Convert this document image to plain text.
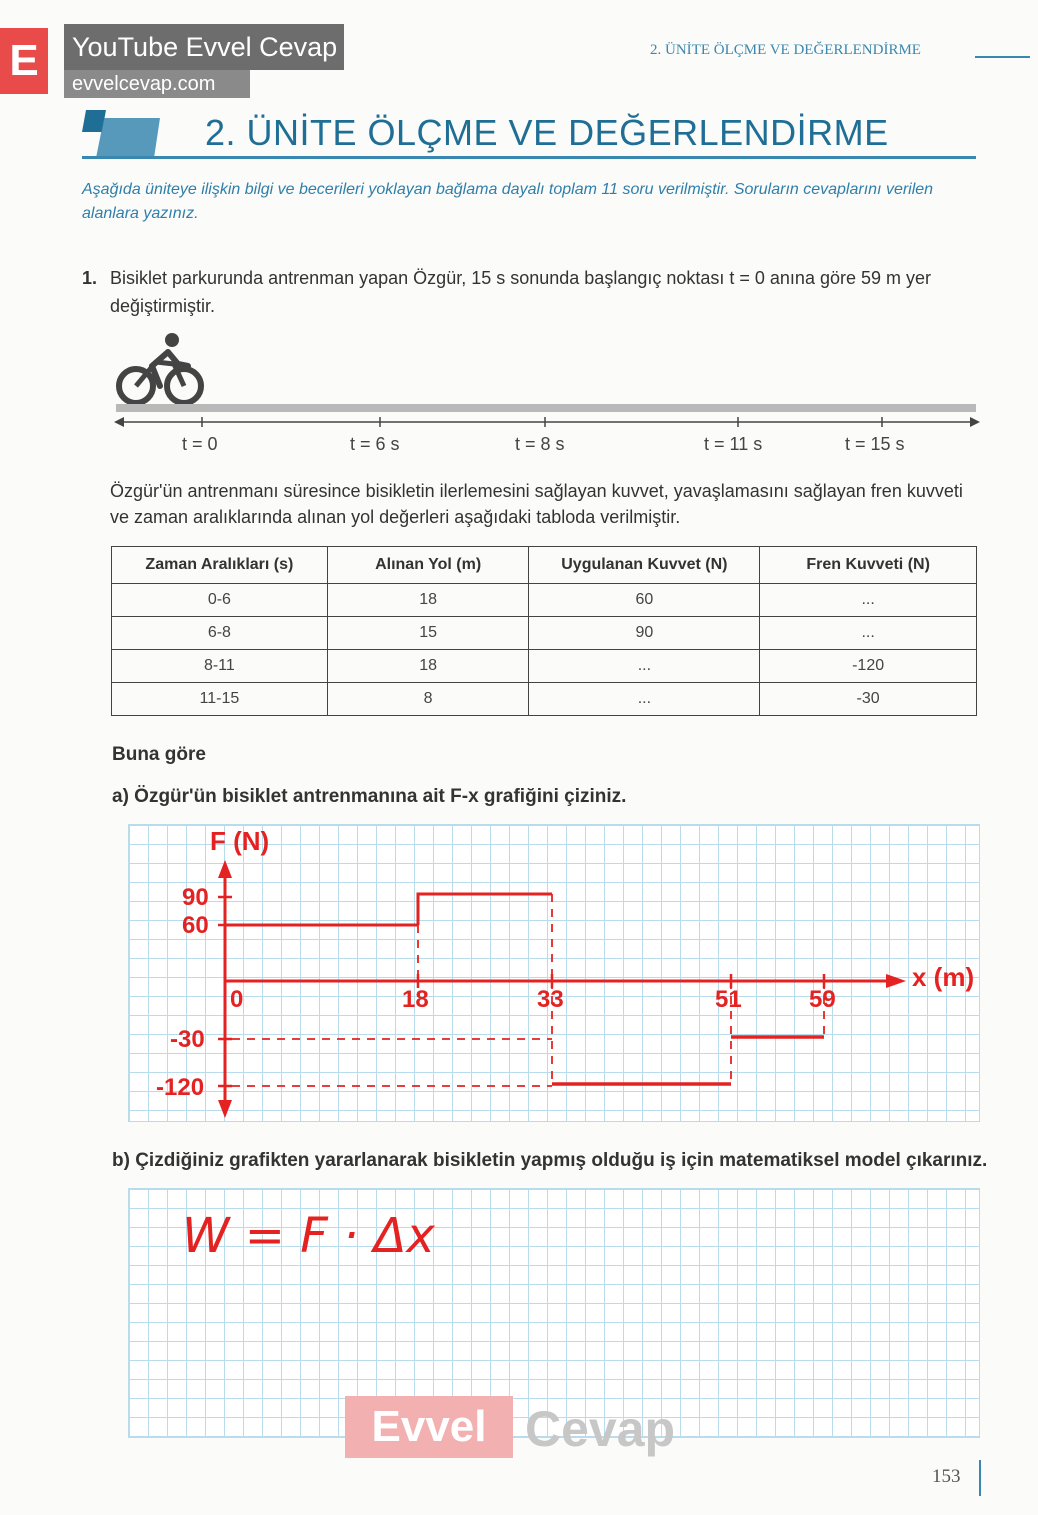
E	YouTube Evvel Cevap
evvelcevap.com
2. ÜNİTE ÖLÇME VE DEĞERLENDİRME
2. ÜNİTE ÖLÇME VE DEĞERLENDİRME
Aşağıda üniteye ilişkin bilgi ve becerileri yoklayan bağlama dayalı toplam 11 soru verilmiştir. Soruların cevaplarını verilen alanlara yazınız.
1. Bisiklet parkurunda antrenman yapan Özgür, 15 s sonunda başlangıç noktası t = 0 anına göre 59 m yer değiştirmiştir.
t = 0	t = 6 s	t = 8 s	t = 11 s	t = 15 s
Özgür'ün antrenmanı süresince bisikletin ilerlemesini sağlayan kuvvet, yavaşlamasını sağlayan fren kuvveti ve zaman aralıklarında alınan yol değerleri aşağıdaki tabloda verilmiştir.
Zaman Aralıkları (s)	Alınan Yol (m)	Uygulanan Kuvvet (N)	Fren Kuvveti (N)
0-6	18	60	...
6-8	15	90	...
8-11	18	...	-120
11-15	8	...	-30
Buna göre
a) Özgür'ün bisiklet antrenmanına ait F-x grafiğini çiziniz.
F (N)
x (m)
0	18	33	51	59
90
60
-30
-120
b) Çizdiğiniz grafikten yararlanarak bisikletin yapmış olduğu iş için matematiksel model çıkarınız.
W = F · Δx
Evvel Cevap
153
